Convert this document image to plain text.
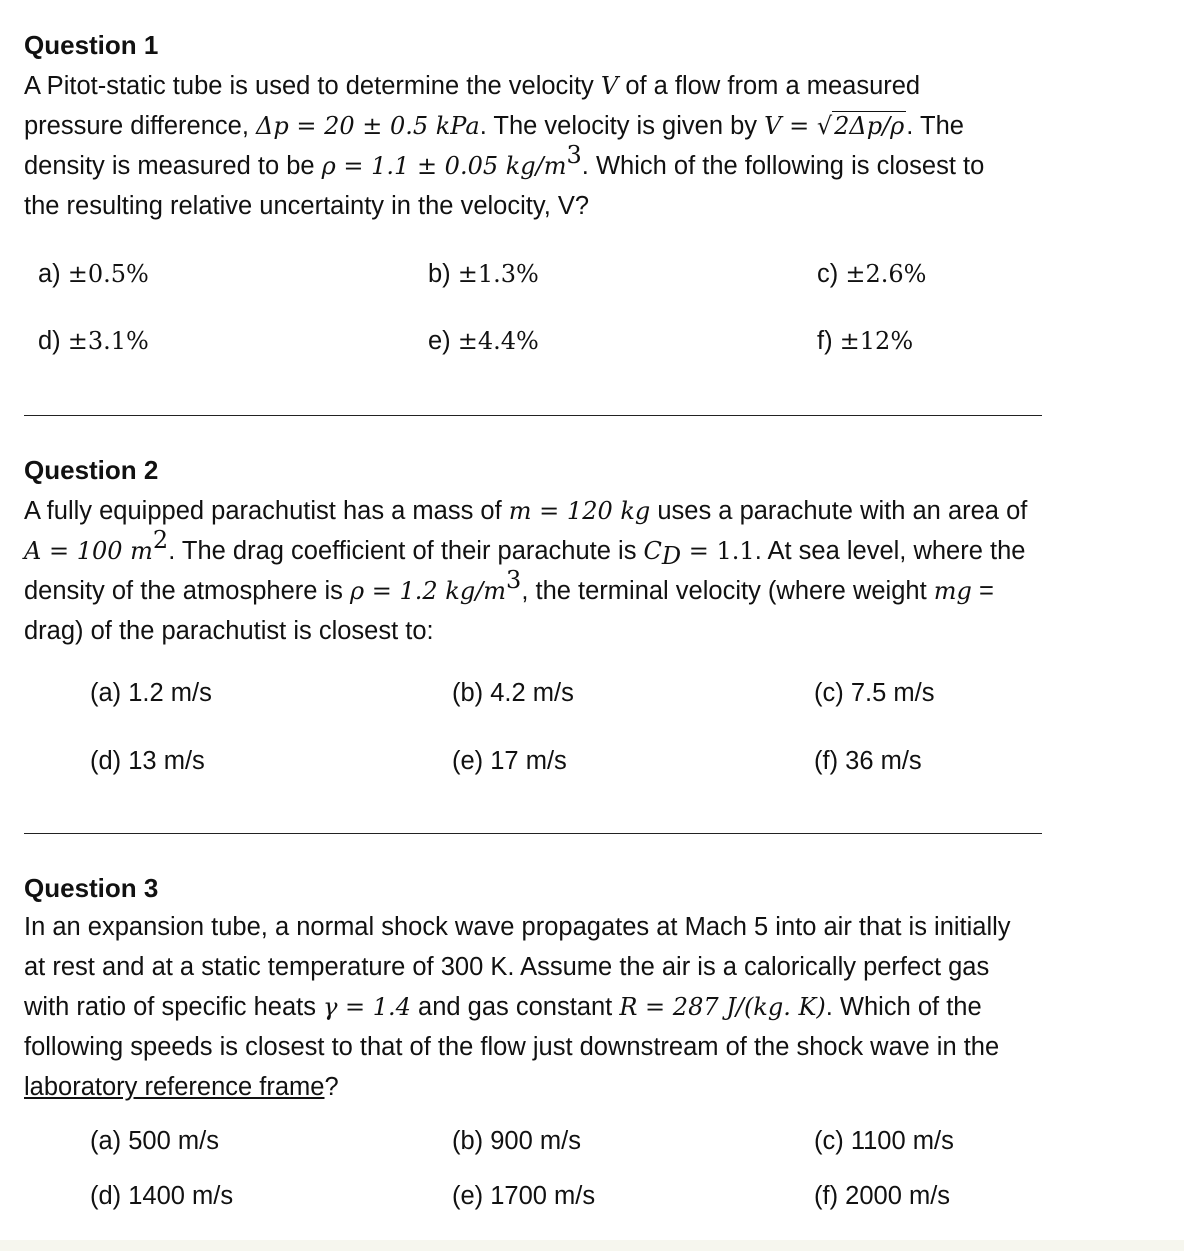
Question 1
A Pitot-static tube is used to determine the velocity V of a flow from a measured
pressure difference, Δp = 20 ± 0.5 kPa. The velocity is given by V = √2Δp/ρ. The
density is measured to be ρ = 1.1 ± 0.05 $kg/m^3$. Which of the following is closest to
the resulting relative uncertainty in the velocity, V?
a) ±0.5%	b) ±1.3%	c) ±2.6%
d) ±3.1%	e) ±4.4%	f) ±12%
Question 2
A fully equipped parachutist has a mass of m = 120 kg uses a parachute with an area of
A = 100 $m^2$. The drag coefficient of their parachute is $C_D = 1.1$. At sea level, where the
density of the atmosphere is ρ = 1.2 $kg/m^3$, the terminal velocity (where weight mg =
drag) of the parachutist is closest to:
(a) 1.2 m/s	(b) 4.2 m/s	(c) 7.5 m/s
(d) 13 m/s	(e) 17 m/s	(f) 36 m/s
Question 3
In an expansion tube, a normal shock wave propagates at Mach 5 into air that is initially
at rest and at a static temperature of 300 K. Assume the air is a calorically perfect gas
with ratio of specific heats γ = 1.4 and gas constant R = 287 J/(kg. K). Which of the
following speeds is closest to that of the flow just downstream of the shock wave in the
laboratory reference frame?
(a) 500 m/s	(b) 900 m/s	(c) 1100 m/s
(d) 1400 m/s	(e) 1700 m/s	(f) 2000 m/s
